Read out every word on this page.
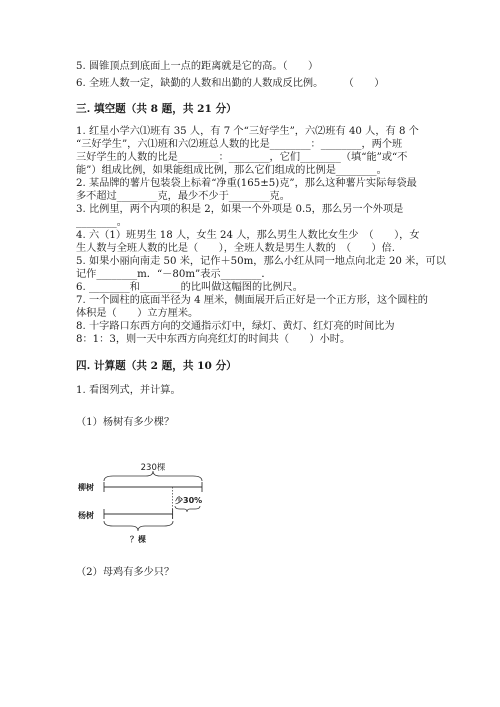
5. 圆锥顶点到底面上一点的距离就是它的高。（　　）
6. 全班人数一定，缺勤的人数和出勤的人数成反比例。　　　（　　）
三. 填空题（共 8 题，共 21 分）
1. 红星小学六⑴班有 35 人，有 7 个“三好学生”，六⑵班有 40 人，有 8 个
“三好学生”，六⑴班和六⑵班总人数的比是________：________，两个班
三好学生的人数的比是________：________，它们________（填“能”或“不
能”）组成比例，如果能组成比例，那么它们组成的比例是________。
2. 某品牌的薯片包装袋上标着“净重(165±5)克”，那么这种薯片实际每袋最
多不超过________克，最少不少于________克。
3. 比例里，两个内项的积是 2，如果一个外项是 0.5，那么另一个外项是
________。
4. 六（1）班男生 18 人，女生 24 人，那么男生人数比女生少　（　　），女
生人数与全班人数的比是（　　），全班人数是男生人数的　（　　）倍.
5. 如果小丽向南走 50 米，记作＋50m，那么小红从同一地点向北走 20 米，可以
记作________m．“－80m”表示________．
6. ________和________的比叫做这幅图的比例尺。
7. 一个圆柱的底面半径为 4 厘米，侧面展开后正好是一个正方形，这个圆柱的
体积是（　　）立方厘米。
8. 十字路口东西方向的交通指示灯中，绿灯、黄灯、红灯亮的时间比为
8：1：3，则一天中东西方向亮红灯的时间共（　　）小时。
四. 计算题（共 2 题，共 10 分）
1. 看图列式，并计算。
（1）杨树有多少棵？
230棵
柳树
少30%
杨树
？棵
（2）母鸡有多少只？
